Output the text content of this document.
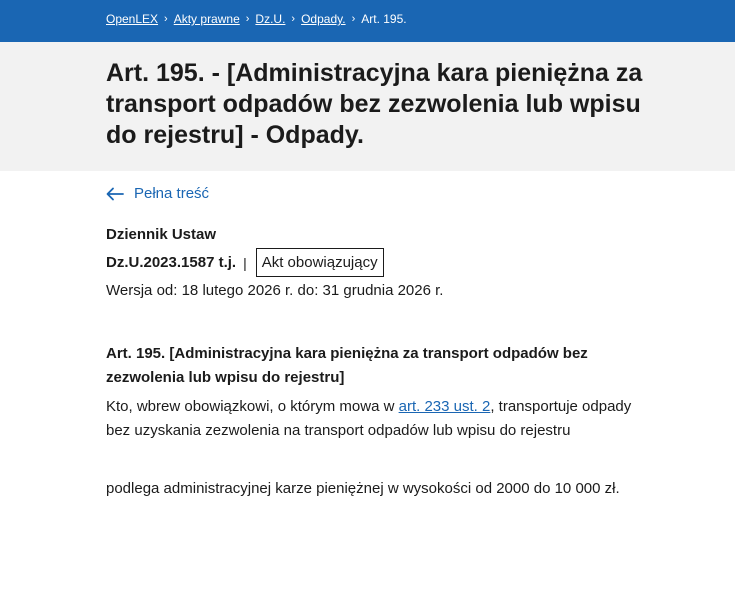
OpenLEX › Akty prawne › Dz.U. › Odpady. › Art. 195.
Art. 195. - [Administracyjna kara pieniężna za transport odpadów bez zezwolenia lub wpisu do rejestru] - Odpady.
Pełna treść
Dziennik Ustaw
Dz.U.2023.1587 t.j. |	Akt obowiązujący
Wersja od: 18 lutego 2026 r. do: 31 grudnia 2026 r.
Art. 195. [Administracyjna kara pieniężna za transport odpadów bez zezwolenia lub wpisu do rejestru]

Kto, wbrew obowiązkowi, o którym mowa w art. 233 ust. 2, transportuje odpady bez uzyskania zezwolenia na transport odpadów lub wpisu do rejestru

podlega administracyjnej karze pieniężnej w wysokości od 2000 do 10 000 zł.
